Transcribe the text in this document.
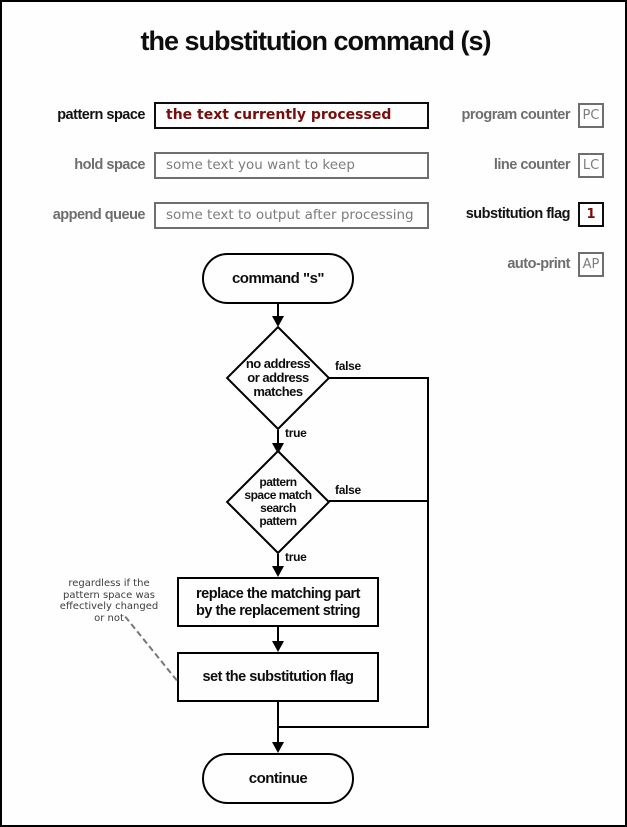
the substitution command (s)
pattern space	the text currently processed
hold space	some text you want to keep
append queue	some text to output after processing
program counter PC
line counter LC
substitution flag	1
auto-print AP
command "s"
no address
or address
matches
false
true
pattern
space match
search
pattern
false
true
replace the matching part
by the replacement string
set the substitution flag
regardless if the
pattern space was
effectively changed
or not
continue
